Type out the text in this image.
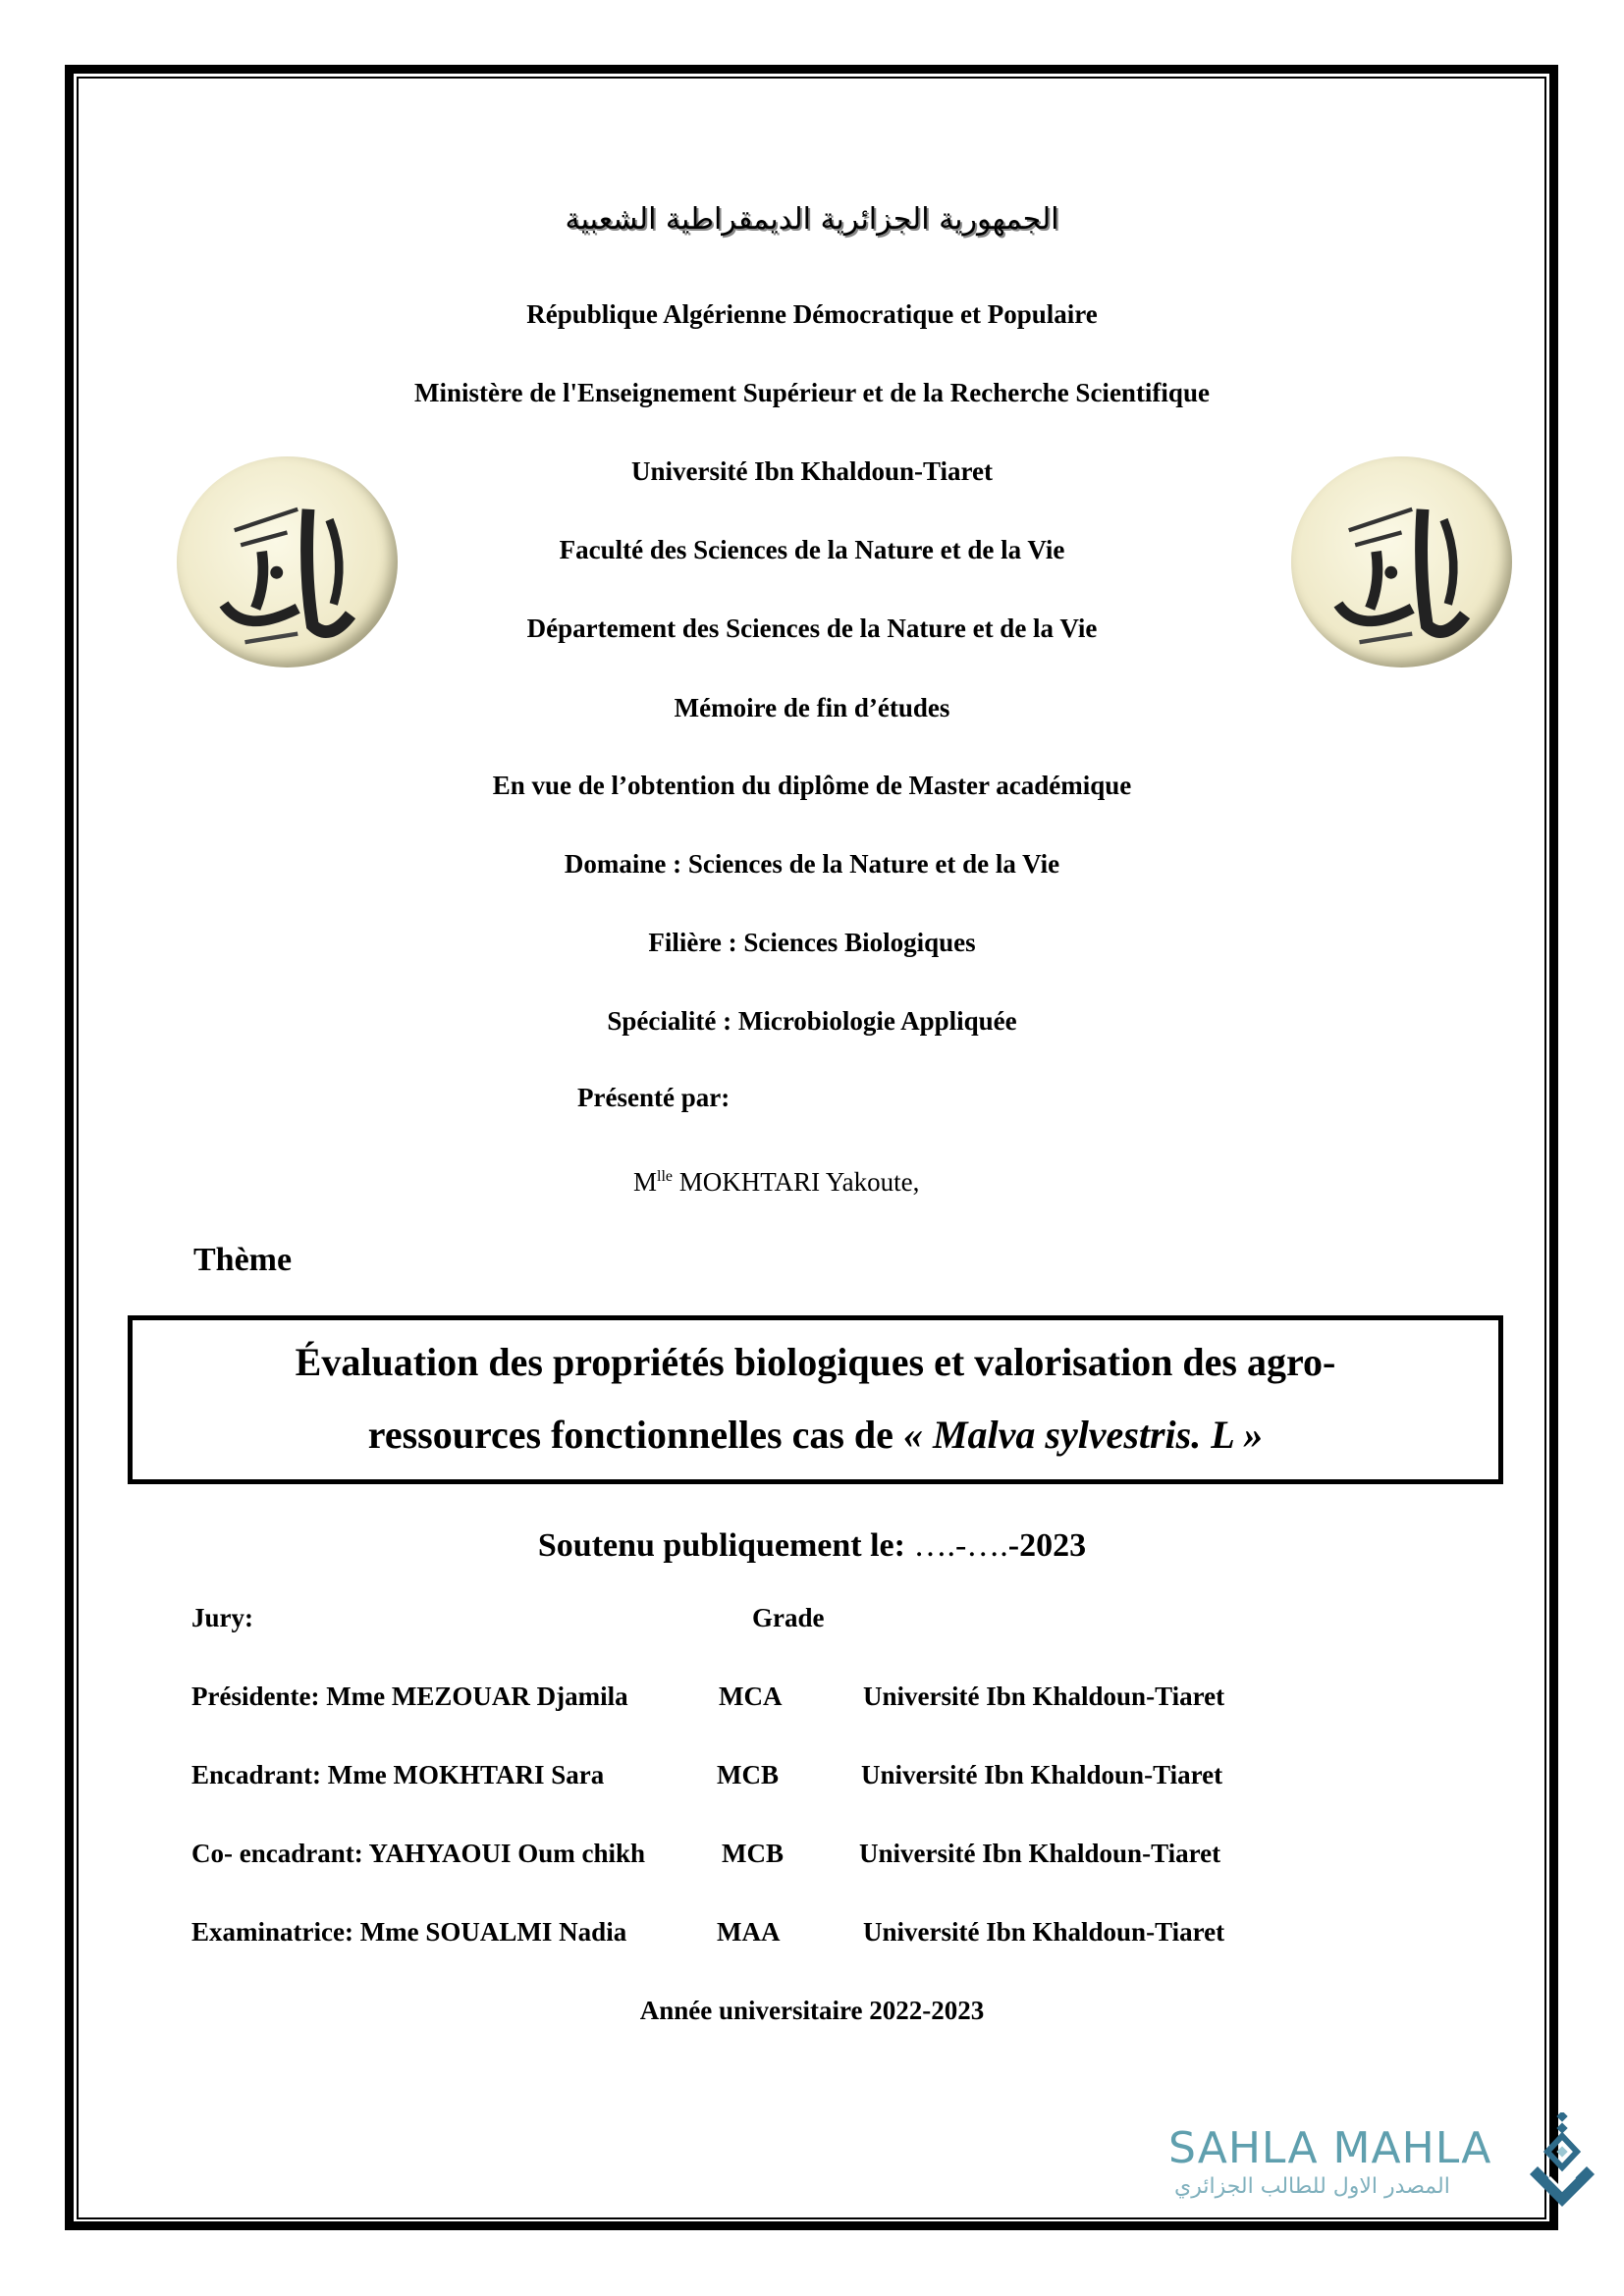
الجمهورية الجزائرية الديمقراطية الشعبية
République Algérienne Démocratique et Populaire
Ministère de l'Enseignement Supérieur et de la Recherche Scientifique
Université Ibn Khaldoun-Tiaret
Faculté des Sciences de la Nature et de la Vie
Département des Sciences de la Nature et de la Vie
Mémoire de fin d’études
En vue de l’obtention du diplôme de Master académique
Domaine : Sciences de la Nature et de la Vie
Filière : Sciences Biologiques
Spécialité : Microbiologie Appliquée
Présenté par:
$M^{lle}$ MOKHTARI Yakoute,
Thème
Évaluation des propriétés biologiques et valorisation des agro-
ressources fonctionnelles cas de « Malva sylvestris. L »
Soutenu publiquement le: ….-….-2023
Jury:	Grade
Présidente: Mme MEZOUAR Djamila	MCA	Université Ibn Khaldoun-Tiaret
Encadrant: Mme MOKHTARI Sara	MCB	Université Ibn Khaldoun-Tiaret
Co- encadrant: YAHYAOUI Oum chikh	MCB	Université Ibn Khaldoun-Tiaret
Examinatrice: Mme SOUALMI Nadia	MAA	Université Ibn Khaldoun-Tiaret
Année universitaire 2022-2023
SAHLA MAHLA
المصدر الاول للطالب الجزائري
